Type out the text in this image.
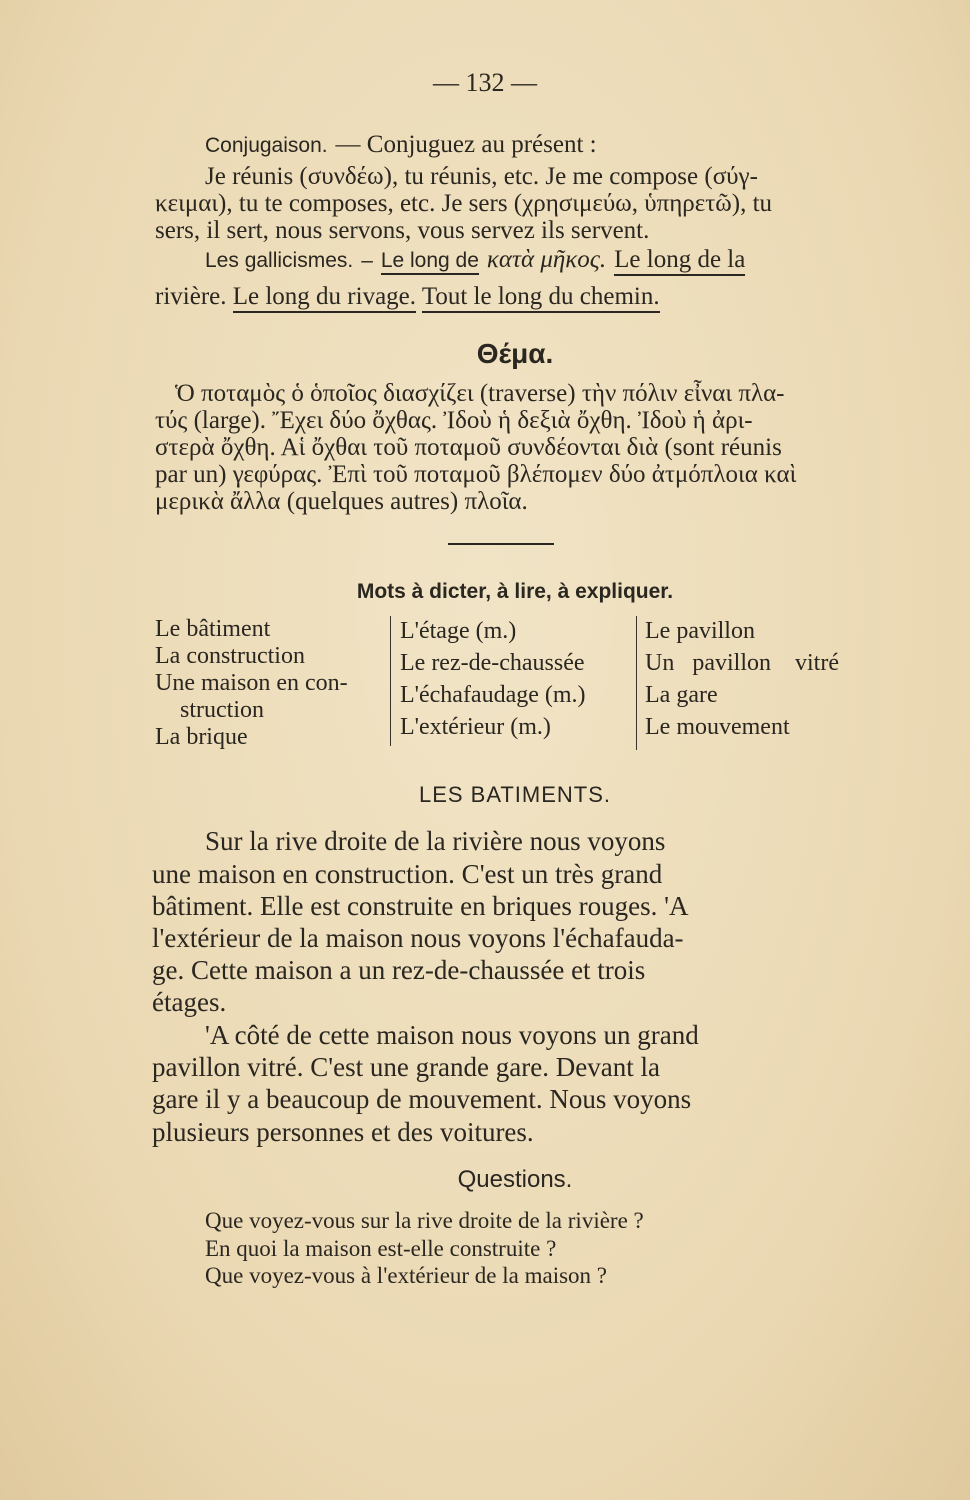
— 132 —
Conjugaison. — Conjuguez au présent :
Je réunis (συνδέω), tu réunis, etc. Je me compose (σύγ-
κειμαι), tu te composes, etc. Je sers (χρησιμεύω, ὑπηρετῶ), tu
sers, il sert, nous servons, vous servez ils servent.
Les gallicismes. – Le long de κατὰ μῆκος. Le long de la
rivière. Le long du rivage. Tout le long du chemin.
Θέμα.
Ὁ ποταμὸς ὁ ὁποῖος διασχίζει (traverse) τὴν πόλιν εἶναι πλα-
τύς (large). Ἔχει δύο ὄχθας. Ἰδοὺ ἡ δεξιὰ ὄχθη. Ἰδοὺ ἡ ἀρι-
στερὰ ὄχθη. Αἱ ὄχθαι τοῦ ποταμοῦ συνδέονται διὰ (sont réunis
par un) γεφύρας. Ἐπὶ τοῦ ποταμοῦ βλέπομεν δύο ἀτμόπλοια καὶ
μερικὰ ἄλλα (quelques autres) πλοῖα.
Mots à dicter, à lire, à expliquer.
Le bâtiment
La construction
Une maison en con-
struction
La brique
L'étage (m.)
Le rez-de-chaussée
L'échafaudage (m.)
L'extérieur (m.)
Le pavillon
Un pavillon vitré
La gare
Le mouvement
LES BATIMENTS.
Sur la rive droite de la rivière nous voyons
une maison en construction. C'est un très grand
bâtiment. Elle est construite en briques rouges. 'A
l'extérieur de la maison nous voyons l'échafauda-
ge. Cette maison a un rez-de-chaussée et trois
étages.
'A côté de cette maison nous voyons un grand
pavillon vitré. C'est une grande gare. Devant la
gare il y a beaucoup de mouvement. Nous voyons
plusieurs personnes et des voitures.
Questions.
Que voyez-vous sur la rive droite de la rivière ?
En quoi la maison est-elle construite ?
Que voyez-vous à l'extérieur de la maison ?
